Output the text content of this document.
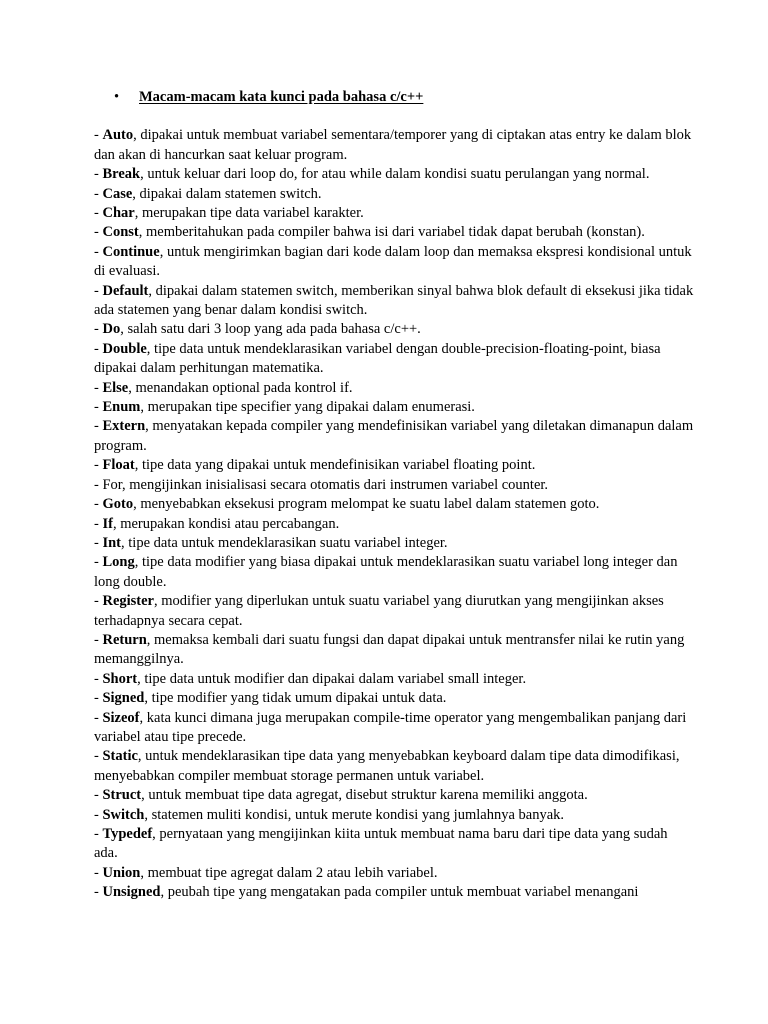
• Macam-macam kata kunci pada bahasa c/c++

- Auto, dipakai untuk membuat variabel sementara/temporer yang di ciptakan atas entry ke dalam blok dan akan di hancurkan saat keluar program.

- Break, untuk keluar dari loop do, for atau while dalam kondisi suatu perulangan yang normal.

- Case, dipakai dalam statemen switch.

- Char, merupakan tipe data variabel karakter.

- Const, memberitahukan pada compiler bahwa isi dari variabel tidak dapat berubah (konstan).

- Continue, untuk mengirimkan bagian dari kode dalam loop dan memaksa ekspresi kondisional untuk di evaluasi.

- Default, dipakai dalam statemen switch, memberikan sinyal bahwa blok default di eksekusi jika tidak ada statemen yang benar dalam kondisi switch.

- Do, salah satu dari 3 loop yang ada pada bahasa c/c++.

- Double, tipe data untuk mendeklarasikan variabel dengan double-precision-floating-point, biasa dipakai dalam perhitungan matematika.

- Else, menandakan optional pada kontrol if.

- Enum, merupakan tipe specifier yang dipakai dalam enumerasi.

- Extern, menyatakan kepada compiler yang mendefinisikan variabel yang diletakan dimanapun dalam program.

- Float, tipe data yang dipakai untuk mendefinisikan variabel floating point.

- For, mengijinkan inisialisasi secara otomatis dari instrumen variabel counter.

- Goto, menyebabkan eksekusi program melompat ke suatu label dalam statemen goto.

- If, merupakan kondisi atau percabangan.

- Int, tipe data untuk mendeklarasikan suatu variabel integer.

- Long, tipe data modifier yang biasa dipakai untuk mendeklarasikan suatu variabel long integer dan long double.

- Register, modifier yang diperlukan untuk suatu variabel yang diurutkan yang mengijinkan akses terhadapnya secara cepat.

- Return, memaksa kembali dari suatu fungsi dan dapat dipakai untuk mentransfer nilai ke rutin yang memanggilnya.

- Short, tipe data untuk modifier dan dipakai dalam variabel small integer.

- Signed, tipe modifier yang tidak umum dipakai untuk data.

- Sizeof, kata kunci dimana juga merupakan compile-time operator yang mengembalikan panjang dari variabel atau tipe precede.

- Static, untuk mendeklarasikan tipe data yang menyebabkan keyboard dalam tipe data dimodifikasi, menyebabkan compiler membuat storage permanen untuk variabel.

- Struct, untuk membuat tipe data agregat, disebut struktur karena memiliki anggota.

- Switch, statemen muliti kondisi, untuk merute kondisi yang jumlahnya banyak.

- Typedef, pernyataan yang mengijinkan kiita untuk membuat nama baru dari tipe data yang sudah ada.

- Union, membuat tipe agregat dalam 2 atau lebih variabel.

- Unsigned, peubah tipe yang mengatakan pada compiler untuk membuat variabel menangani
